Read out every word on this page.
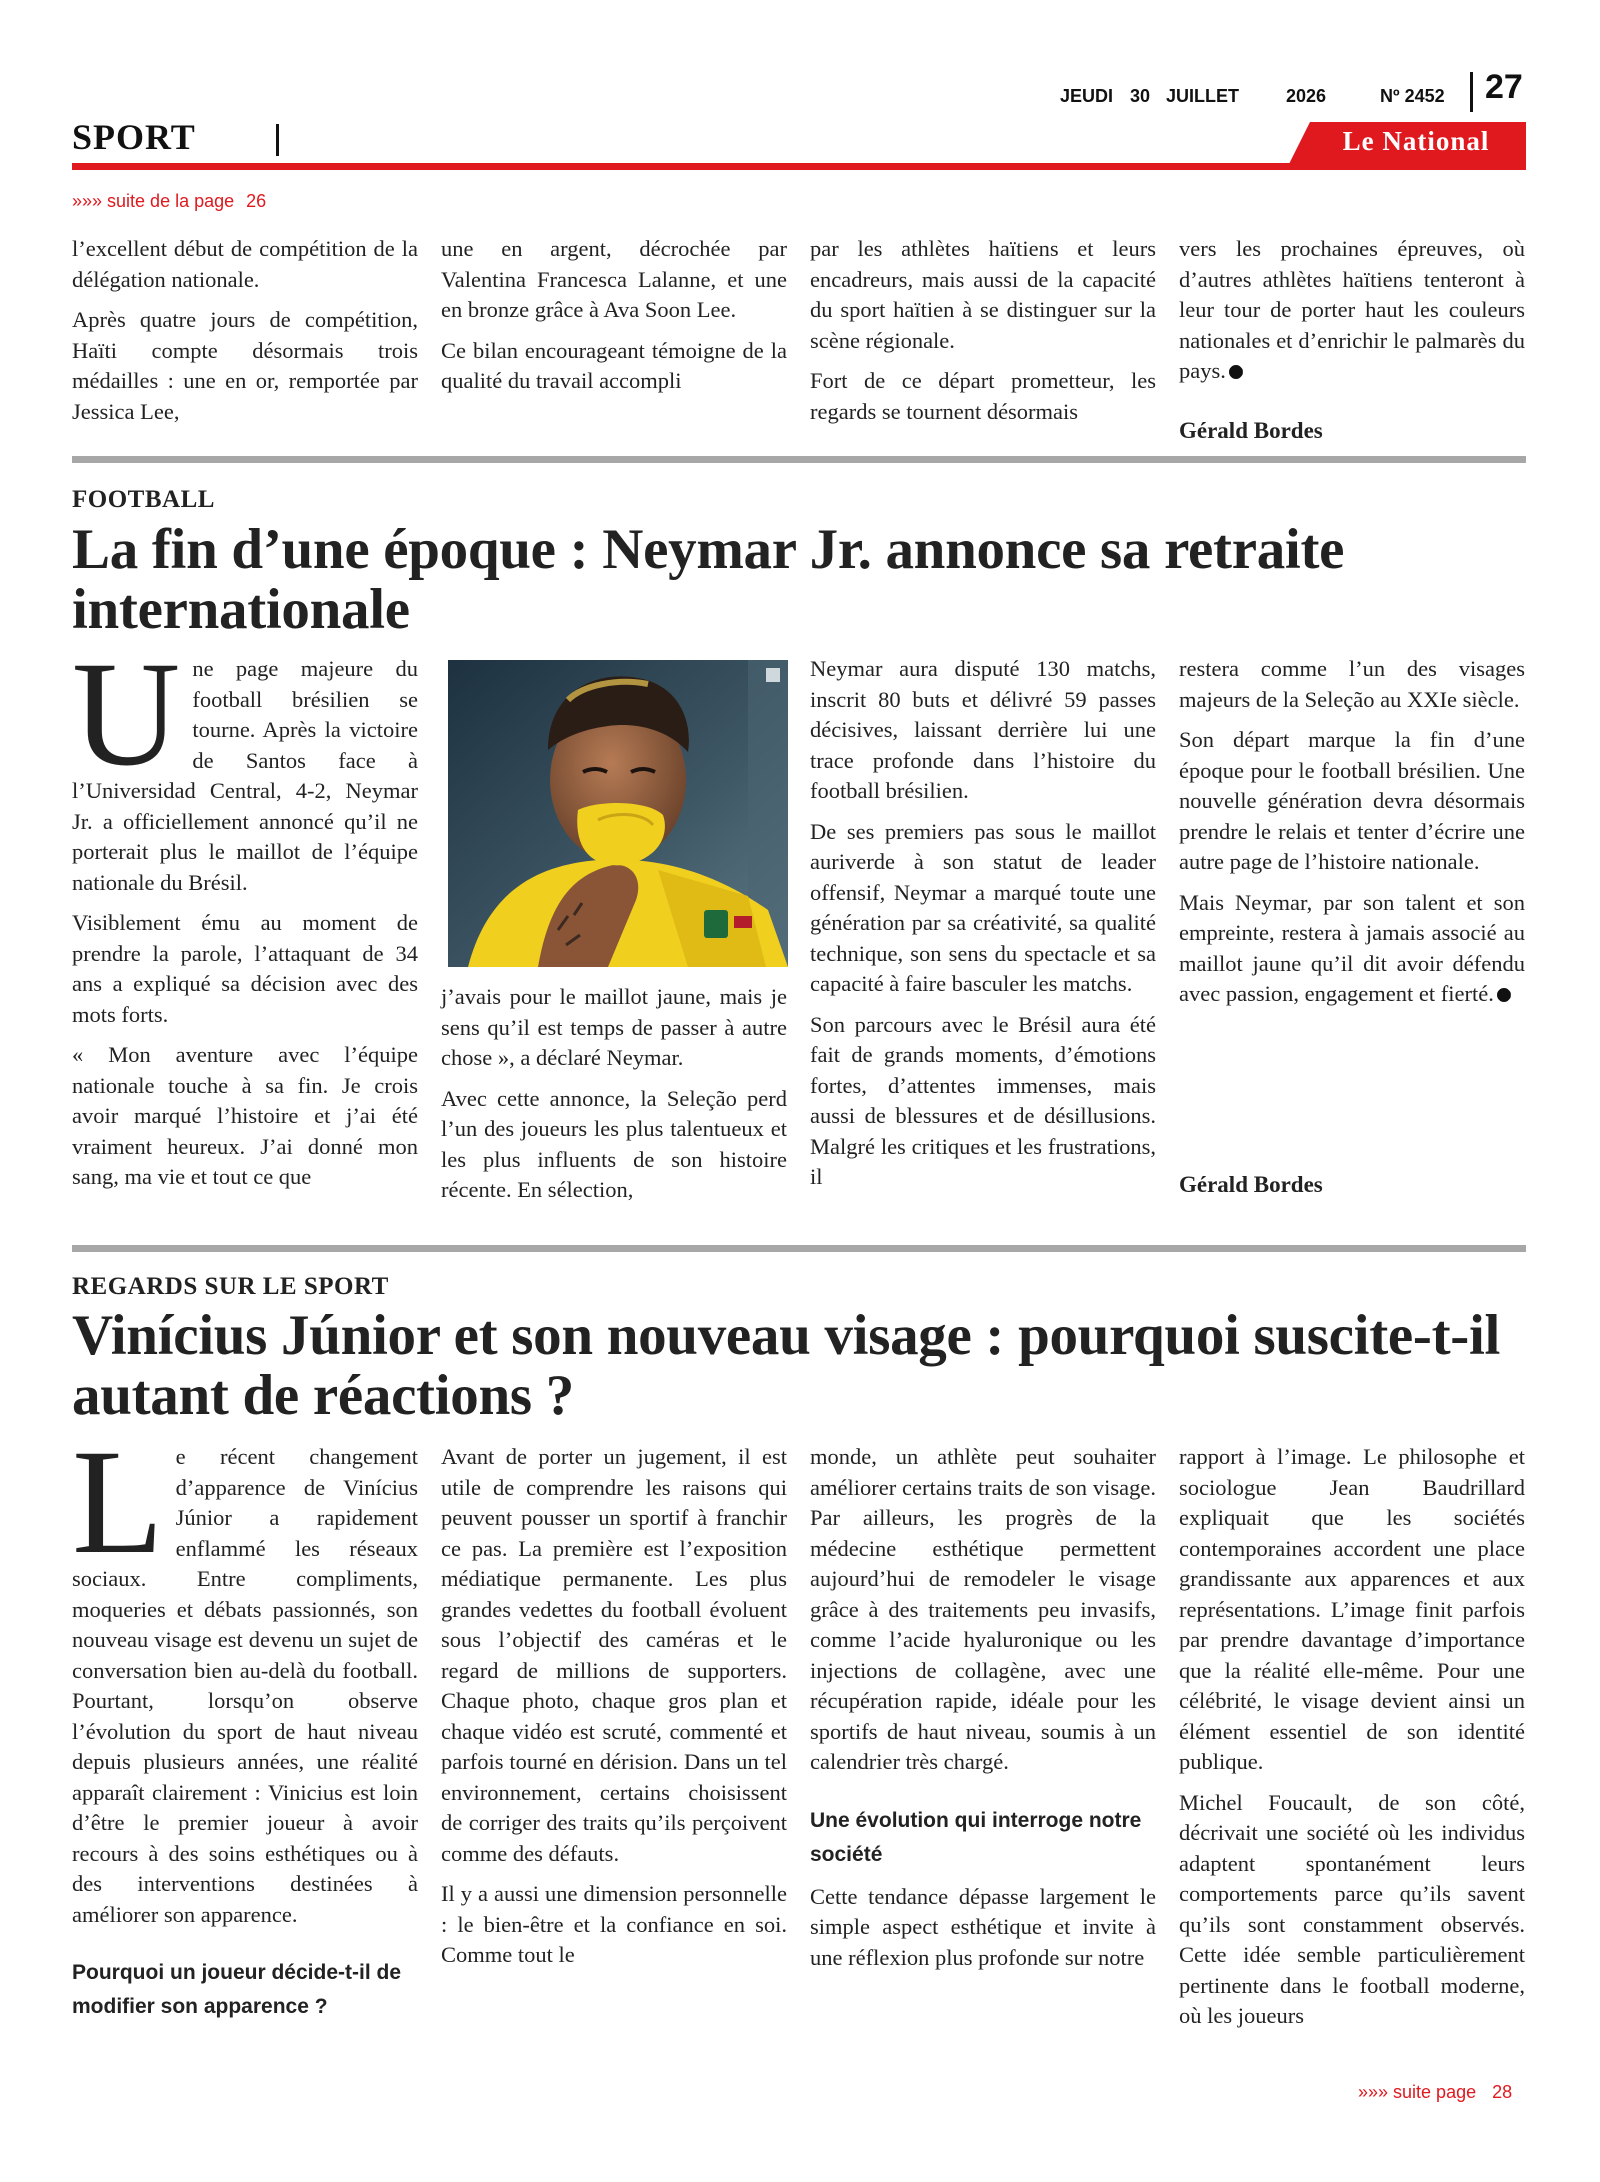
JEUDI 30 JUILLET	2026	Nº 2452 27
SPORT	Le National
»»» suite de la page 26

l’excellent début de compétition de la délégation nationale.

Après quatre jours de compétition, Haïti compte désormais trois médailles : une en or, remportée par Jessica Lee,

une en argent, décrochée par Valentina Francesca Lalanne, et une en bronze grâce à Ava Soon Lee.

Ce bilan encourageant témoigne de la qualité du travail accompli

par les athlètes haïtiens et leurs encadreurs, mais aussi de la capacité du sport haïtien à se distinguer sur la scène régionale.

Fort de ce départ prometteur, les regards se tournent désormais

vers les prochaines épreuves, où d’autres athlètes haïtiens tenteront à leur tour de porter haut les couleurs nationales et d’enrichir le palmarès du pays.

Gérald Bordes
FOOTBALL
La fin d’une époque : Neymar Jr. annonce sa retraite internationale

Une page majeure du football brésilien se tourne. Après la victoire de Santos face à l’Universidad Central, 4-2, Neymar Jr. a officiellement annoncé qu’il ne porterait plus le maillot de l’équipe nationale du Brésil.

Visiblement ému au moment de prendre la parole, l’attaquant de 34 ans a expliqué sa décision avec des mots forts.

« Mon aventure avec l’équipe nationale touche à sa fin. Je crois avoir marqué l’histoire et j’ai été vraiment heureux. J’ai donné mon sang, ma vie et tout ce que

j’avais pour le maillot jaune, mais je sens qu’il est temps de passer à autre chose », a déclaré Neymar.

Avec cette annonce, la Seleção perd l’un des joueurs les plus talentueux et les plus influents de son histoire récente. En sélection,

Neymar aura disputé 130 matchs, inscrit 80 buts et délivré 59 passes décisives, laissant derrière lui une trace profonde dans l’histoire du football brésilien.

De ses premiers pas sous le maillot auriverde à son statut de leader offensif, Neymar a marqué toute une génération par sa créativité, sa qualité technique, son sens du spectacle et sa capacité à faire basculer les matchs.

Son parcours avec le Brésil aura été fait de grands moments, d’émotions fortes, d’attentes immenses, mais aussi de blessures et de désillusions. Malgré les critiques et les frustrations, il

restera comme l’un des visages majeurs de la Seleção au XXIe siècle.

Son départ marque la fin d’une époque pour le football brésilien. Une nouvelle génération devra désormais prendre le relais et tenter d’écrire une autre page de l’histoire nationale.

Mais Neymar, par son talent et son empreinte, restera à jamais associé au maillot jaune qu’il dit avoir défendu avec passion, engagement et fierté.

Gérald Bordes
REGARDS SUR LE SPORT
Vinícius Júnior et son nouveau visage : pourquoi suscite-t-il autant de réactions ?

Le récent changement d’apparence de Vinícius Júnior a rapidement enflammé les réseaux sociaux. Entre compliments, moqueries et débats passionnés, son nouveau visage est devenu un sujet de conversation bien au-delà du football. Pourtant, lorsqu’on observe l’évolution du sport de haut niveau depuis plusieurs années, une réalité apparaît clairement : Vinicius est loin d’être le premier joueur à avoir recours à des soins esthétiques ou à des interventions destinées à améliorer son apparence.

Pourquoi un joueur décide-t-il de modifier son apparence ?

Avant de porter un jugement, il est utile de comprendre les raisons qui peuvent pousser un sportif à franchir ce pas. La première est l’exposition médiatique permanente. Les plus grandes vedettes du football évoluent sous l’objectif des caméras et le regard de millions de supporters. Chaque photo, chaque gros plan et chaque vidéo est scruté, commenté et parfois tourné en dérision. Dans un tel environnement, certains choisissent de corriger des traits qu’ils perçoivent comme des défauts.

Il y a aussi une dimension personnelle : le bien-être et la confiance en soi. Comme tout le

monde, un athlète peut souhaiter améliorer certains traits de son visage. Par ailleurs, les progrès de la médecine esthétique permettent aujourd’hui de remodeler le visage grâce à des traitements peu invasifs, comme l’acide hyaluronique ou les injections de collagène, avec une récupération rapide, idéale pour les sportifs de haut niveau, soumis à un calendrier très chargé.

Une évolution qui interroge notre société

Cette tendance dépasse largement le simple aspect esthétique et invite à une réflexion plus profonde sur notre

rapport à l’image. Le philosophe et sociologue Jean Baudrillard expliquait que les sociétés contemporaines accordent une place grandissante aux apparences et aux représentations. L’image finit parfois par prendre davantage d’importance que la réalité elle-même. Pour une célébrité, le visage devient ainsi un élément essentiel de son identité publique.

Michel Foucault, de son côté, décrivait une société où les individus adaptent spontanément leurs comportements parce qu’ils savent qu’ils sont constamment observés. Cette idée semble particulièrement pertinente dans le football moderne, où les joueurs

»»» suite page 28
